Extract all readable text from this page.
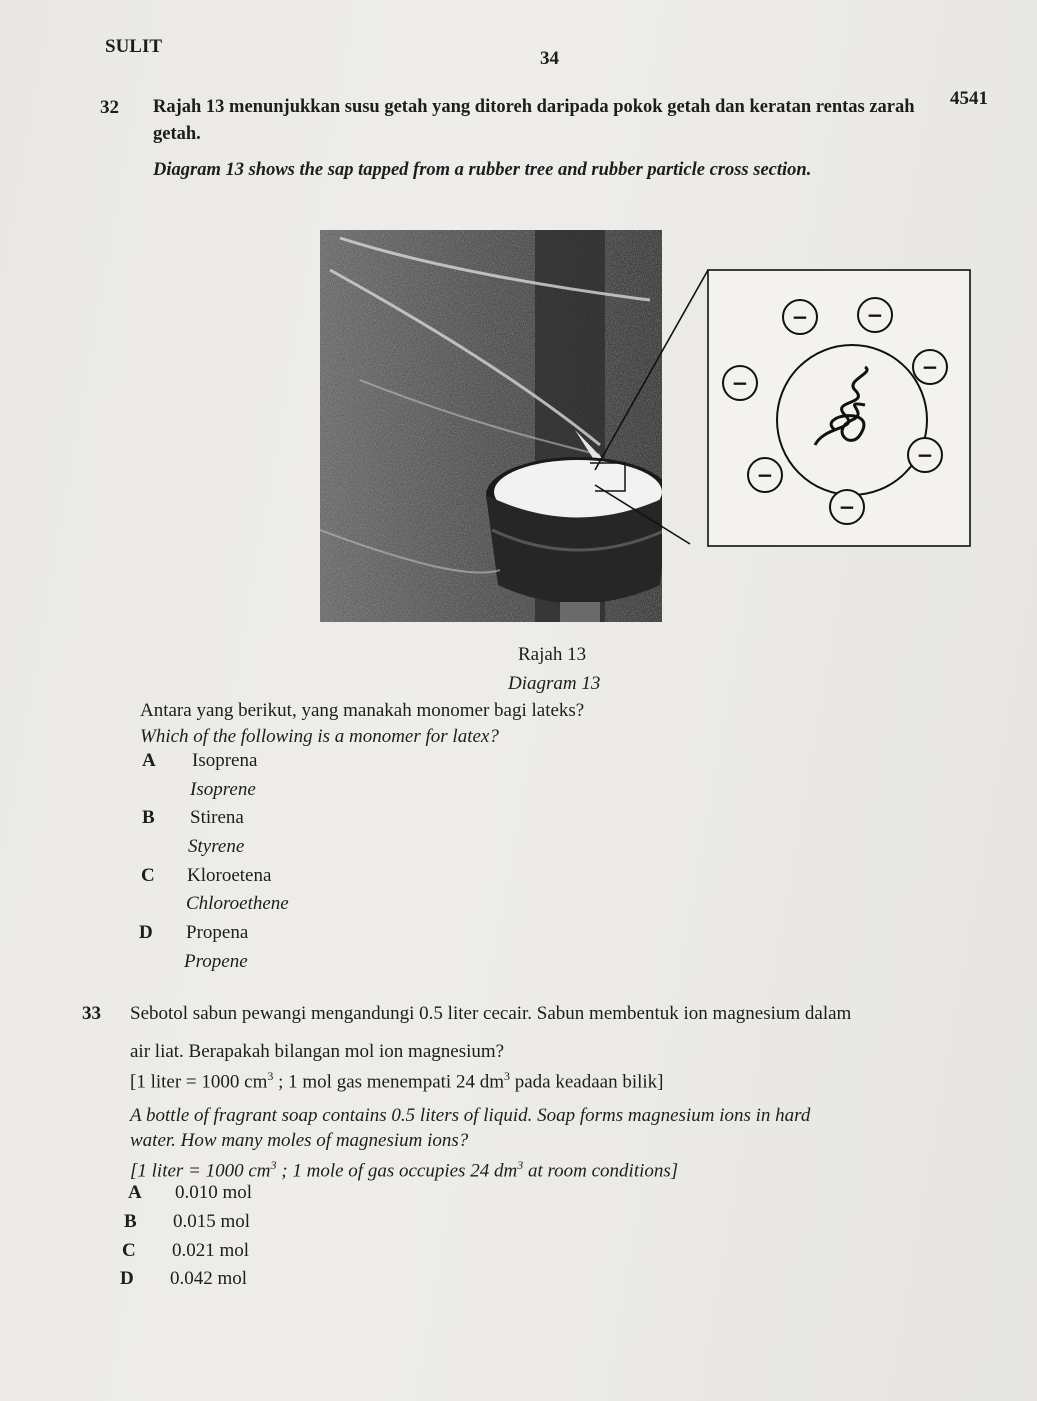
SULIT
34
4541
32 Rajah 13 menunjukkan susu getah yang ditoreh daripada pokok getah dan keratan rentas zarah
getah.
Diagram 13 shows the sap tapped from a rubber tree and rubber particle cross section.
−	−
−
−
−
−
−
Rajah 13
Diagram 13
Antara yang berikut, yang manakah monomer bagi lateks?
Which of the following is a monomer for latex?
A Isoprena
Isoprene
B Stirena
Styrene
C Kloroetena
Chloroethene
D Propena
Propene
33 Sebotol sabun pewangi mengandungi 0.5 liter cecair. Sabun membentuk ion magnesium dalam
air liat. Berapakah bilangan mol ion magnesium?
[1 liter = 1000 $cm^3$ ; 1 mol gas menempati 24 $dm^3$ pada keadaan bilik]
A bottle of fragrant soap contains 0.5 liters of liquid. Soap forms magnesium ions in hard
water. How many moles of magnesium ions?
[1 liter = 1000 $cm^3$ ; 1 mole of gas occupies 24 $dm^3$ at room conditions]
A 0.010 mol
B 0.015 mol
C 0.021 mol
D 0.042 mol
